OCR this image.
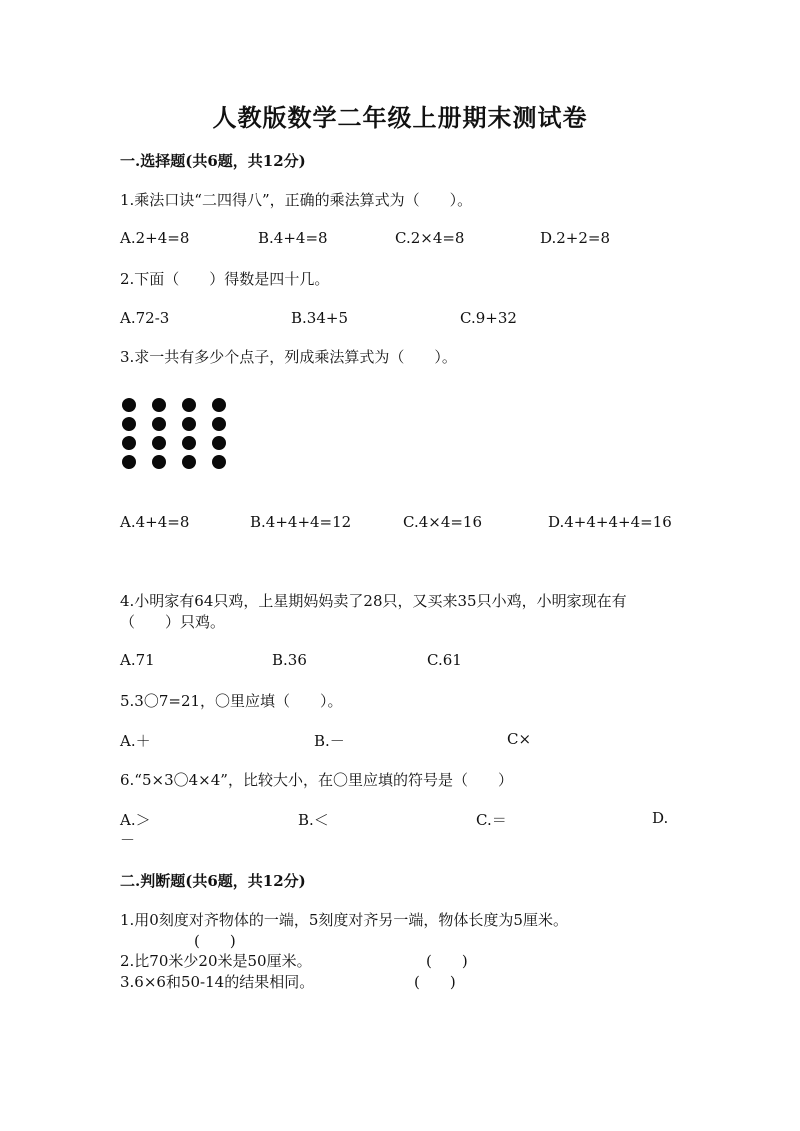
人教版数学二年级上册期末测试卷
一.选择题(共6题，共12分)
1.乘法口诀“二四得八”，正确的乘法算式为（　　）。
A.2+4=8	B.4+4=8	C.2×4=8	D.2+2=8
2.下面（　　）得数是四十几。
A.72-3	B.34+5	C.9+32
3.求一共有多少个点子，列成乘法算式为（　　）。
A.4+4=8	B.4+4+4=12	C.4×4=16	D.4+4+4+4=16
4.小明家有64只鸡，上星期妈妈卖了28只，又买来35只小鸡，小明家现在有
（　　）只鸡。
A.71	B.36	C.61
5.3〇7=21，〇里应填（　　）。
A.＋	B.－	C×
6.“5×3〇4×4”，比较大小，在〇里应填的符号是（　　）
A.＞	B.＜	C.＝	D.
－
二.判断题(共6题，共12分)
1.用0刻度对齐物体的一端，5刻度对齐另一端，物体长度为5厘米。
(　　)
2.比70米少20米是50厘米。	(　　)
3.6×6和50-14的结果相同。	(　　)
